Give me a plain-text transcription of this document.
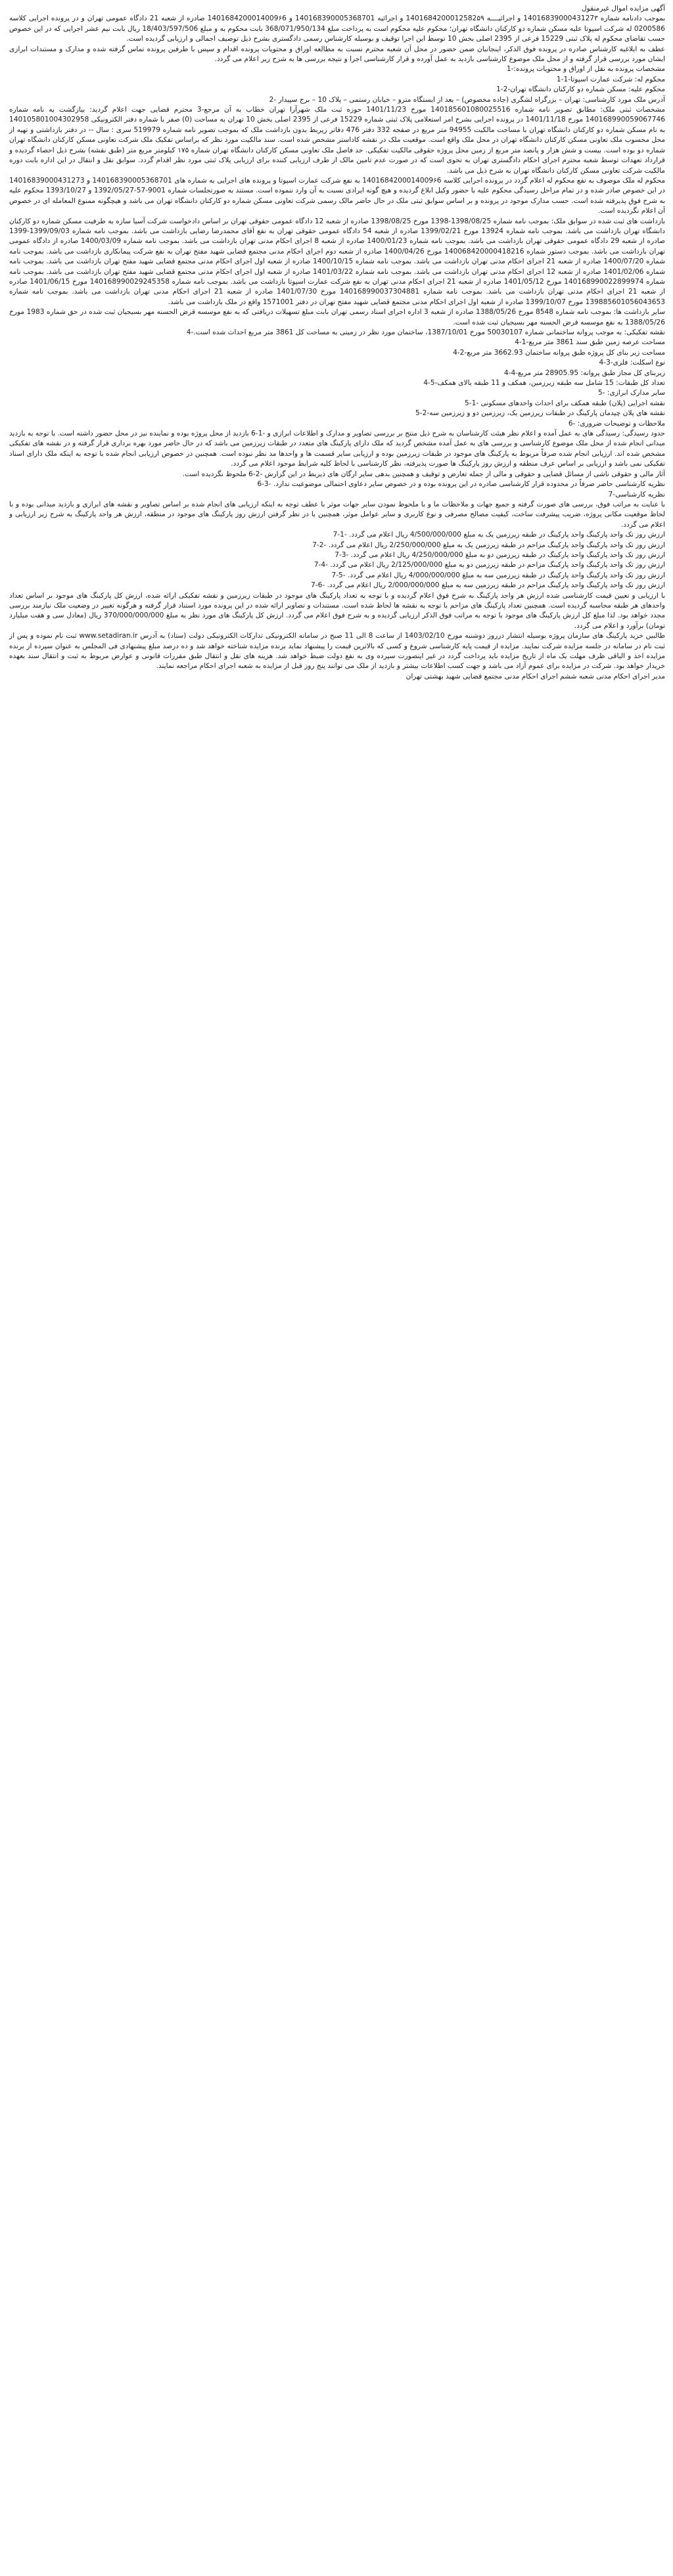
آگهی مزایده اموال غیرمنقول

بموجب دادنامه شماره 1401683900043127۳ و اجرائیــــه 1401684200012582۵۹ و اجرائیه 140168390005368701 و 1401684200014009۶6 صادره از شعبه 21 دادگاه عمومی تهران و در پرونده اجرایی کلاسه 0200586 له شرکت اسپوتا علیه مسکن شماره دو کارکنان دانشگاه تهران؛ محکوم علیه محکوم است به پرداخت مبلغ 368/071/950/134 بابت محکوم به و مبلغ 18/403/597/506 ریال بابت نیم عشر اجرایی که در این خصوص حسب تقاضای محکوم له پلاک ثبتی 15229 فرعی از 2395 اصلی بخش 10 توسط این اجرا توقیف و بوسیله کارشناس رسمی دادگستری بشرح ذیل توصیف اجمالی و ارزیابی گردیده است.

عطف به ابلاغیه کارشناس صادره در پرونده فوق الذکر، اینجانبان ضمن حضور در محل آن شعبه محترم نسبت به مطالعه اوراق و محتویات پرونده اقدام و سپس با طرفین پرونده تماس گرفته شده و مدارک و مستندات ابرازی ایشان مورد بررسی قرار گرفته و از محل ملک موضوع کارشناسی بازدید به عمل آورده و قرار کارشناسی اجرا و نتیجه بررسی ها به شرح زیر اعلام می گردد.

مشخصات پرونده به نقل از اوراق و محتویات پرونده:-1

محکوم له: شرکت عمارت اسپوتا-1-1

محکوم علیه: مسکن شماره دو کارکنان دانشگاه تهران-2-1

آدرس ملک مورد کارشناسی: تهران – بزرگراه لشگری (جاده مخصوص) – بعد از ایستگاه مترو – خیابان رستمی – پلاک 10 – برج سپیدار -2

مشخصات ثبتی ملک: مطابق تصویر نامه شماره 140185601080025516 مورخ 1401/11/23 حوزه ثبت ملک شهرآرا تهران خطاب به آن مرجع-3 محترم قضایی جهت اعلام گردید: بیازگشت به نامه شماره 140168990059067746 مورخ 1401/11/18 در پرونده اجرایی بشرح امر استعلامی پلاک ثبتی شماره 15229 فرعی از 2395 اصلی بخش 10 تهران به مساحت (0) صفر با شماره دفتر الکترونیکی 140105801004302958 به نام مسکن شماره دو کارکنان دانشگاه تهران با مساحت مالکیت 94955 متر مربع در صفحه 332 دفتر 476 دفاتر زیربط بدون بازداشت ملک که بموجب تصویر نامه شماره 519979 سری : سال -- در دفتر بازداشتی و تهیه از محل محسوب ملک تعاونی مسکن کارکنان دانشگاه تهران در محل ملک واقع است. موقعیت ملک در نقشه کاداستر مشخص شده است. سند مالکیت مورد نظر که براساس تفکیک ملک شرکت تعاونی مسکن کارکنان دانشگاه تهران شماره دو بوده است. بیست و شش هزار و پانصد متر مربع از زمین محل پروژه حقوقی مالکیت تفکیکی. حد فاصل ملک تعاونی مسکن کارکنان دانشگاه تهران شماره ۱۷۵ کیلومتر مربع متر (طبق نقشه) بشرح ذیل احصاء گردیده و قرارداد تعهدات توسط شعبه محترم اجرای احکام دادگستری تهران به نحوی است که در صورت عدم تامین مالک از طرف ارزیابی کننده برای ارزیابی پلاک ثبتی مورد نظر اقدام گردد. سوابق نقل و انتقال در این اداره بابت دوره مالکیت شرکت تعاونی مسکن کارکنان دانشگاه تهران به شرح ذیل می باشد.

محکوم له ملک موصوف به نفع محکوم له اعلام گردد در پرونده اجرایی کلاسه 1401684200014009۶6 به نفع شرکت عمارت اسپوتا و پرونده های اجرایی به شماره های 140168390005368701 و 14016839000431273 در این خصوص صادر شده و در تمام مراحل رسیدگی محکوم علیه با حضور وکیل ابلاغ گردیده و هیچ گونه ایرادی نسبت به آن وارد ننموده است. مستند به صورتجلسات شماره 9001-57-1392/05/27 و 1393/10/27 محکوم علیه به شرح فوق پذیرفته شده است. حسب مدارک موجود در پرونده و بر اساس سوابق ثبتی ملک در حال حاضر مالک رسمی شرکت تعاونی مسکن شماره دو کارکنان دانشگاه تهران می باشد و هیچگونه ممنوع المعامله ای در خصوص آن اعلام نگردیده است.

بازداشت های ثبت شده در سوابق ملک: بموجب نامه شماره 1398/08/25-1398 مورخ 1398/08/25 صادره از شعبه 12 دادگاه عمومی حقوقی تهران بر اساس دادخواست شرکت آسیا سازه به طرفیت مسکن شماره دو کارکنان دانشگاه تهران بازداشت می باشد. بموجب نامه شماره 13924 مورخ 1399/02/21 صادره از شعبه 54 دادگاه عمومی حقوقی تهران به نفع آقای محمدرضا رضایی بازداشت می باشد. بموجب نامه شماره 1399/09/03-1399 صادره از شعبه 29 دادگاه عمومی حقوقی تهران بازداشت می باشد. بموجب نامه شماره 1400/01/23 صادره از شعبه 8 اجرای احکام مدنی تهران بازداشت می باشد. بموجب نامه شماره 1400/03/09 صادره از دادگاه عمومی تهران بازداشت می باشد. بموجب دستور شماره 140068420000418216 مورخ 1400/04/26 صادره از شعبه دوم اجرای احکام مدنی مجتمع قضایی شهید مفتح تهران به نفع شرکت پیمانکاری بازداشت می باشد. بموجب نامه شماره 1400/07/20 صادره از شعبه 21 اجرای احکام مدنی تهران بازداشت می باشد. بموجب نامه شماره 1400/10/15 صادره از شعبه اول اجرای احکام مدنی مجتمع قضایی شهید مفتح تهران بازداشت می باشد. بموجب نامه شماره 1401/02/06 صادره از شعبه 12 اجرای احکام مدنی تهران بازداشت می باشد. بموجب نامه شماره 1401/03/22 صادره از شعبه اول اجرای احکام مدنی مجتمع قضایی شهید مفتح تهران بازداشت می باشد. بموجب نامه شماره 140168990022899974 مورخ 1401/05/12 صادره از شعبه 21 اجرای احکام مدنی تهران به نفع شرکت عمارت اسپوتا بازداشت می باشد. بموجب نامه شماره 140168990029245358 مورخ 1401/06/15 صادره از شعبه 21 اجرای احکام مدنی تهران بازداشت می باشد. بموجب نامه شماره 140168990037304881 مورخ 1401/07/30 صادره از شعبه 21 اجرای احکام مدنی تهران بازداشت می باشد. بموجب نامه شماره 139885601056043653 مورخ 1399/10/07 صادره از شعبه اول اجرای احکام مدنی مجتمع قضایی شهید مفتح تهران در دفتر 1571001 واقع در ملک بازداشت می باشد.

سایر بازداشت ها: بموجب نامه شماره 8548 مورخ 1388/05/26 صادره از شعبه 3 اداره اجرای اسناد رسمی تهران بابت مبلغ تسهیلات دریافتی که به نفع موسسه قرض الحسنه مهر بسیجیان ثبت شده در حق شماره 1983 مورخ 1388/05/26 به نفع موسسه قرض الحسنه مهر بسیجیان ثبت شده است.

نقشه تفکیکی: به موجب پروانه ساختمانی شماره 50030107 مورخ 1387/10/01، ساختمان مورد نظر در زمینی به مساحت کل 3861 متر مربع احداث شده است.-4

مساحت عرصه زمین طبق سند 3861 متر مربع-1-4

مساحت زیر بنای کل پروژه طبق پروانه ساختمان 3662.93 متر مربع-2-4

نوع اسکلت: فلزی-3-4

زیربنای کل مجاز طبق پروانه: 28905.95 متر مربع-4-4

تعداد کل طبقات: 15 شامل سه طبقه زیرزمین، همکف و 11 طبقه بالای همکف-5-4

سایر مدارک ابرازی: -5

نقشه اجرایی (پلان) طبقه همکف برای احداث واحدهای مسکونی -1-5

نقشه های پلان چیدمان پارکینگ در طبقات زیرزمین یک، زیرزمین دو و زیرزمین سه-2-5

ملاحظات و توضیحات ضروری: -6

حدود رسیدگی: رسیدگی های به عمل آمده و اعلام نظر هیئت کارشناسان به شرح ذیل منتج بر بررسی تصاویر و مدارک و اطلاعات ابرازی و -1-6 بازدید از محل پروژه بوده و نماینده نیز در محل حضور داشته است. با توجه به بازدید میدانی انجام شده از محل ملک موضوع کارشناسی و بررسی های به عمل آمده مشخص گردید که ملک دارای پارکینگ های متعدد در طبقات زیرزمین می باشد که در حال حاضر مورد بهره برداری قرار گرفته و در نقشه های تفکیکی مشخص شده اند. ارزیابی انجام شده صرفاً مربوط به پارکینگ های موجود در طبقات زیرزمین بوده و ارزیابی سایر قسمت ها و واحدها مد نظر نبوده است. همچنین در خصوص ارزیابی انجام شده با توجه به اینکه ملک دارای اسناد تفکیکی نمی باشد و ارزیابی بر اساس عرف منطقه و ارزش روز پارکینگ ها صورت پذیرفته، نظر کارشناسی با لحاظ کلیه شرایط موجود اعلام می گردد.

آثار مالی و حقوقی ناشی از مسائل قضایی و حقوقی و مالی از جمله تعارض و توقیف و همچنین بدهی سایر ارگان های ذیربط در این گزارش -2-6 ملحوظ نگردیده است.

نظریه کارشناسی حاضر صرفاً در محدوده قرار کارشناسی صادره در این پرونده بوده و در خصوص سایر دعاوی احتمالی موضوعیت ندارد. -3-6

نظریه کارشناسی-7

با عنایت به مراتب فوق، بررسی های صورت گرفته و جمیع جهات و ملاحظات ما و با ملحوظ نمودن سایر جهات موثر با عطف توجه به اینکه ارزیابی های انجام شده بر اساس تصاویر و نقشه های ابرازی و بازدید میدانی بوده و با لحاظ موقعیت مکانی پروژه، ضریب پیشرفت ساخت، کیفیت مصالح مصرفی و نوع کاربری و سایر عوامل موثر، همچنین با در نظر گرفتن ارزش روز پارکینگ های موجود در منطقه، ارزش هر واحد پارکینگ به شرح زیر ارزیابی و اعلام می گردد.

ارزش روز تک واحد پارکینگ واحد پارکینگ در طبقه زیرزمین یک به مبلغ 4/500/000/000 ریال اعلام می گردد. -1-7

ارزش روز تک واحد پارکینگ واحد پارکینگ مزاحم در طبقه زیرزمین یک به مبلغ 2/250/000/000 ریال اعلام می گردد. -2-7

ارزش روز تک واحد پارکینگ واحد پارکینگ در طبقه زیرزمین دو به مبلغ 4/250/000/000 ریال اعلام می گردد. -3-7

ارزش روز تک واحد پارکینگ واحد پارکینگ مزاحم در طبقه زیرزمین دو به مبلغ 2/125/000/000 ریال اعلام می گردد. -4-7

ارزش روز تک واحد پارکینگ واحد پارکینگ در طبقه زیرزمین سه به مبلغ 4/000/000/000 ریال اعلام می گردد. -5-7

ارزش روز تک واحد پارکینگ واحد پارکینگ مزاحم در طبقه زیرزمین سه به مبلغ 2/000/000/000 ریال اعلام می گردد. -6-7

با ارزیابی و تعیین قیمت کارشناسی شده ارزش هر واحد پارکینگ به شرح فوق اعلام گردیده و با توجه به تعداد پارکینگ های موجود در طبقات زیرزمین و نقشه تفکیکی ارائه شده، ارزش کل پارکینگ های موجود بر اساس تعداد واحدهای هر طبقه محاسبه گردیده است. همچنین تعداد پارکینگ های مزاحم با توجه به نقشه ها لحاظ شده است. مستندات و تصاویر ارائه شده در این پرونده مورد استناد قرار گرفته و هرگونه تغییر در وضعیت ملک نیازمند بررسی مجدد خواهد بود. لذا مبلغ کل ارزش پارکینگ های موجود با توجه به مراتب فوق الذکر ارزیابی گردیده و به شرح فوق اعلام می گردد. ارزش کل پارکینگ های مورد نظر به مبلغ 370/000/000/000 ریال (معادل سی و هفت میلیارد تومان) برآورد و اعلام می گردد.

طالبین خرید پارکینگ های سازمان پروژه بوسیله انتشار درروز دوشنبه مورخ 1403/02/10 از ساعت 8 الی 11 صبح در سامانه الکترونیکی تدارکات الکترونیکی دولت (ستاد) به آدرس www.setadiran.ir ثبت نام نموده و پس از ثبت نام در سامانه در جلسه مزایده شرکت نمایند. مزایده از قیمت پایه کارشناسی شروع و کسی که بالاترین قیمت را پیشنهاد نماید برنده مزایده شناخته خواهد شد و ده درصد مبلغ پیشنهادی فی المجلس به عنوان سپرده از برنده مزایده اخذ و الباقی ظرف مهلت یک ماه از تاریخ مزایده باید پرداخت گردد در غیر اینصورت سپرده وی به نفع دولت ضبط خواهد شد. هزینه های نقل و انتقال طبق مقررات قانونی و عوارض مربوط به ثبت و انتقال سند بعهده خریدار خواهد بود. شرکت در مزایده برای عموم آزاد می باشد و جهت کسب اطلاعات بیشتر و بازدید از ملک می توانند پنج روز قبل از مزایده به شعبه اجرای احکام مراجعه نمایند.

مدیر اجرای احکام مدنی شعبه ششم اجرای احکام مدنی مجتمع قضایی شهید بهشتی تهران
